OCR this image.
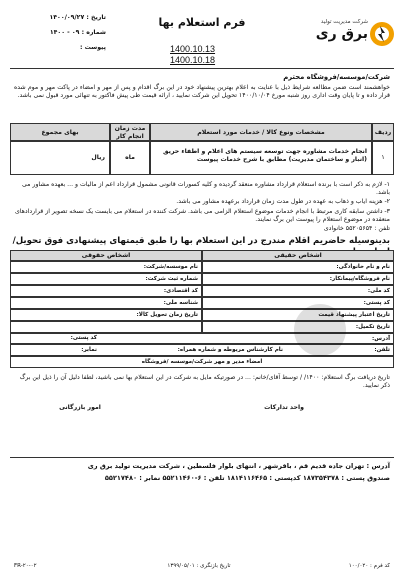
شرکت مدیریت تولید
برق ری
فرم استعلام بها
1400.10.13
1400.10.18
تاریخ : ۱۴۰۰/۰۹/۲۷
شماره : ۰۹ - ۱۴۰۰
پیوست :
شرکت/موسسه/فروشگاه محترم
خواهشمند است ضمن مطالعه شرایط ذیل با عنایت به اعلام بهترین پیشنهاد خود در این برگ اقدام و پس از مهر و امضاء در پاکت مهر و موم شده قرار داده و تا پایان وقت اداری روز شنبه مورخ ۱۴۰۰/۱۰/۰۴ تحویل این شرکت نمایید ، ارائه قیمت طی پیش فاکتور به تنهائی مورد قبول نمی باشد.
ردیف
مشخصات ونوع کالا / خدمات مورد استعلام
مدت زمان انجام کار
بهای مجموع
۱
انجام خدمات مشاوره جهت توسعه سیستم های اعلام و اطفاء حریق (انبار و ساختمان مدیریت) مطابق با شرح خدمات پیوست
ماه
ریال
۱- لازم به ذکر است با برنده استعلام قرارداد مشاوره منعقد گردیده و کلیه کسورات قانونی مشمول قرارداد اعم از مالیات و ... بعهده مشاور می باشد.
۲- هزینه ایاب و ذهاب به عهده در طول مدت زمان قرارداد برعهده مشاور می باشد.
۳- داشتن سابقه کاری مرتبط با انجام خدمات موضوع استعلام الزامی می باشد. شرکت کننده در استعلام می بایست یک نسخه تصویر از قراردادهای منعقده در موضوع استعلام را پیوست این برگ نمایند.
تلفن : ۵۵۲۰۵۶۵۴ خانوادی
بدینوسیله حاضریم اقلام مندرج در این استعلام بها را طبق قیمتهای پیشنهادی فوق تحویل/
اشخاص حقیقی
اشخاص حقوقی
نام و نام خانوادگی:
نام فروشگاه/پیمانکار:
کد ملی:
کد پستی:
تاریخ اعتبار پیشنهاد قیمت
تاریخ تکمیل:
نام موسسه/شرکت:
شماره ثبت شرکت:
کد اقتصادی:
شناسه ملی:
تاریخ زمان تحویل کالا:
آدرس:
تلفن:
نام کارشناس مربوطه و شماره همراه:
نمابر:
کد پستی:
امضاء مدیر و مهر شرکت/موسسه /فروشگاه
تاریخ دریافت برگ استعلام: ۱۴۰۰/ / توسط آقای/خانم: ... در صورتیکه مایل به شرکت در این استعلام بها نمی باشید، لطفا دلیل آن را ذیل این برگ ذکر نمایید.
واحد تدارکات
امور بازرگانی
آدرس : تهران جاده قدیم قم ، باقرشهر ، انتهای بلوار فلسطین ، شرکت مدیریت تولید برق ری
صندوق پستی : ۱۸۷۳۵۴۳۷۸ کدپستی : ۱۸۱۴۱۱۶۴۶۵ تلفن : ۶-۵۵۲۱۱۴۶۰ نمابر : ۵۵۲۱۷۴۸۰
کد فرم : ۱۰۰/۰۲۰
تاریخ بازنگری : ۱۳۹۹/۰۵/۰۱
FR-۲۰-۰۲
